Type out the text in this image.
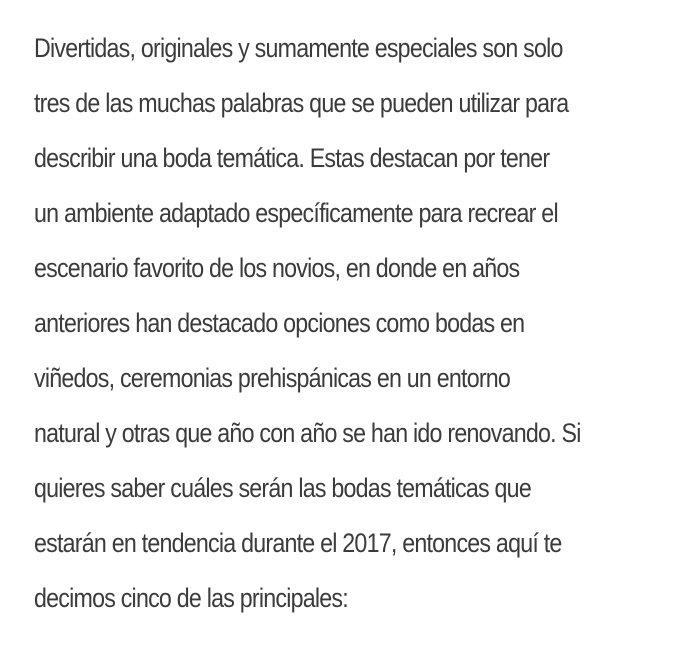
Divertidas, originales y sumamente especiales son solo
tres de las muchas palabras que se pueden utilizar para
describir una boda temática. Estas destacan por tener
un ambiente adaptado específicamente para recrear el
escenario favorito de los novios, en donde en años
anteriores han destacado opciones como bodas en
viñedos, ceremonias prehispánicas en un entorno
natural y otras que año con año se han ido renovando. Si
quieres saber cuáles serán las bodas temáticas que
estarán en tendencia durante el 2017, entonces aquí te
decimos cinco de las principales:
